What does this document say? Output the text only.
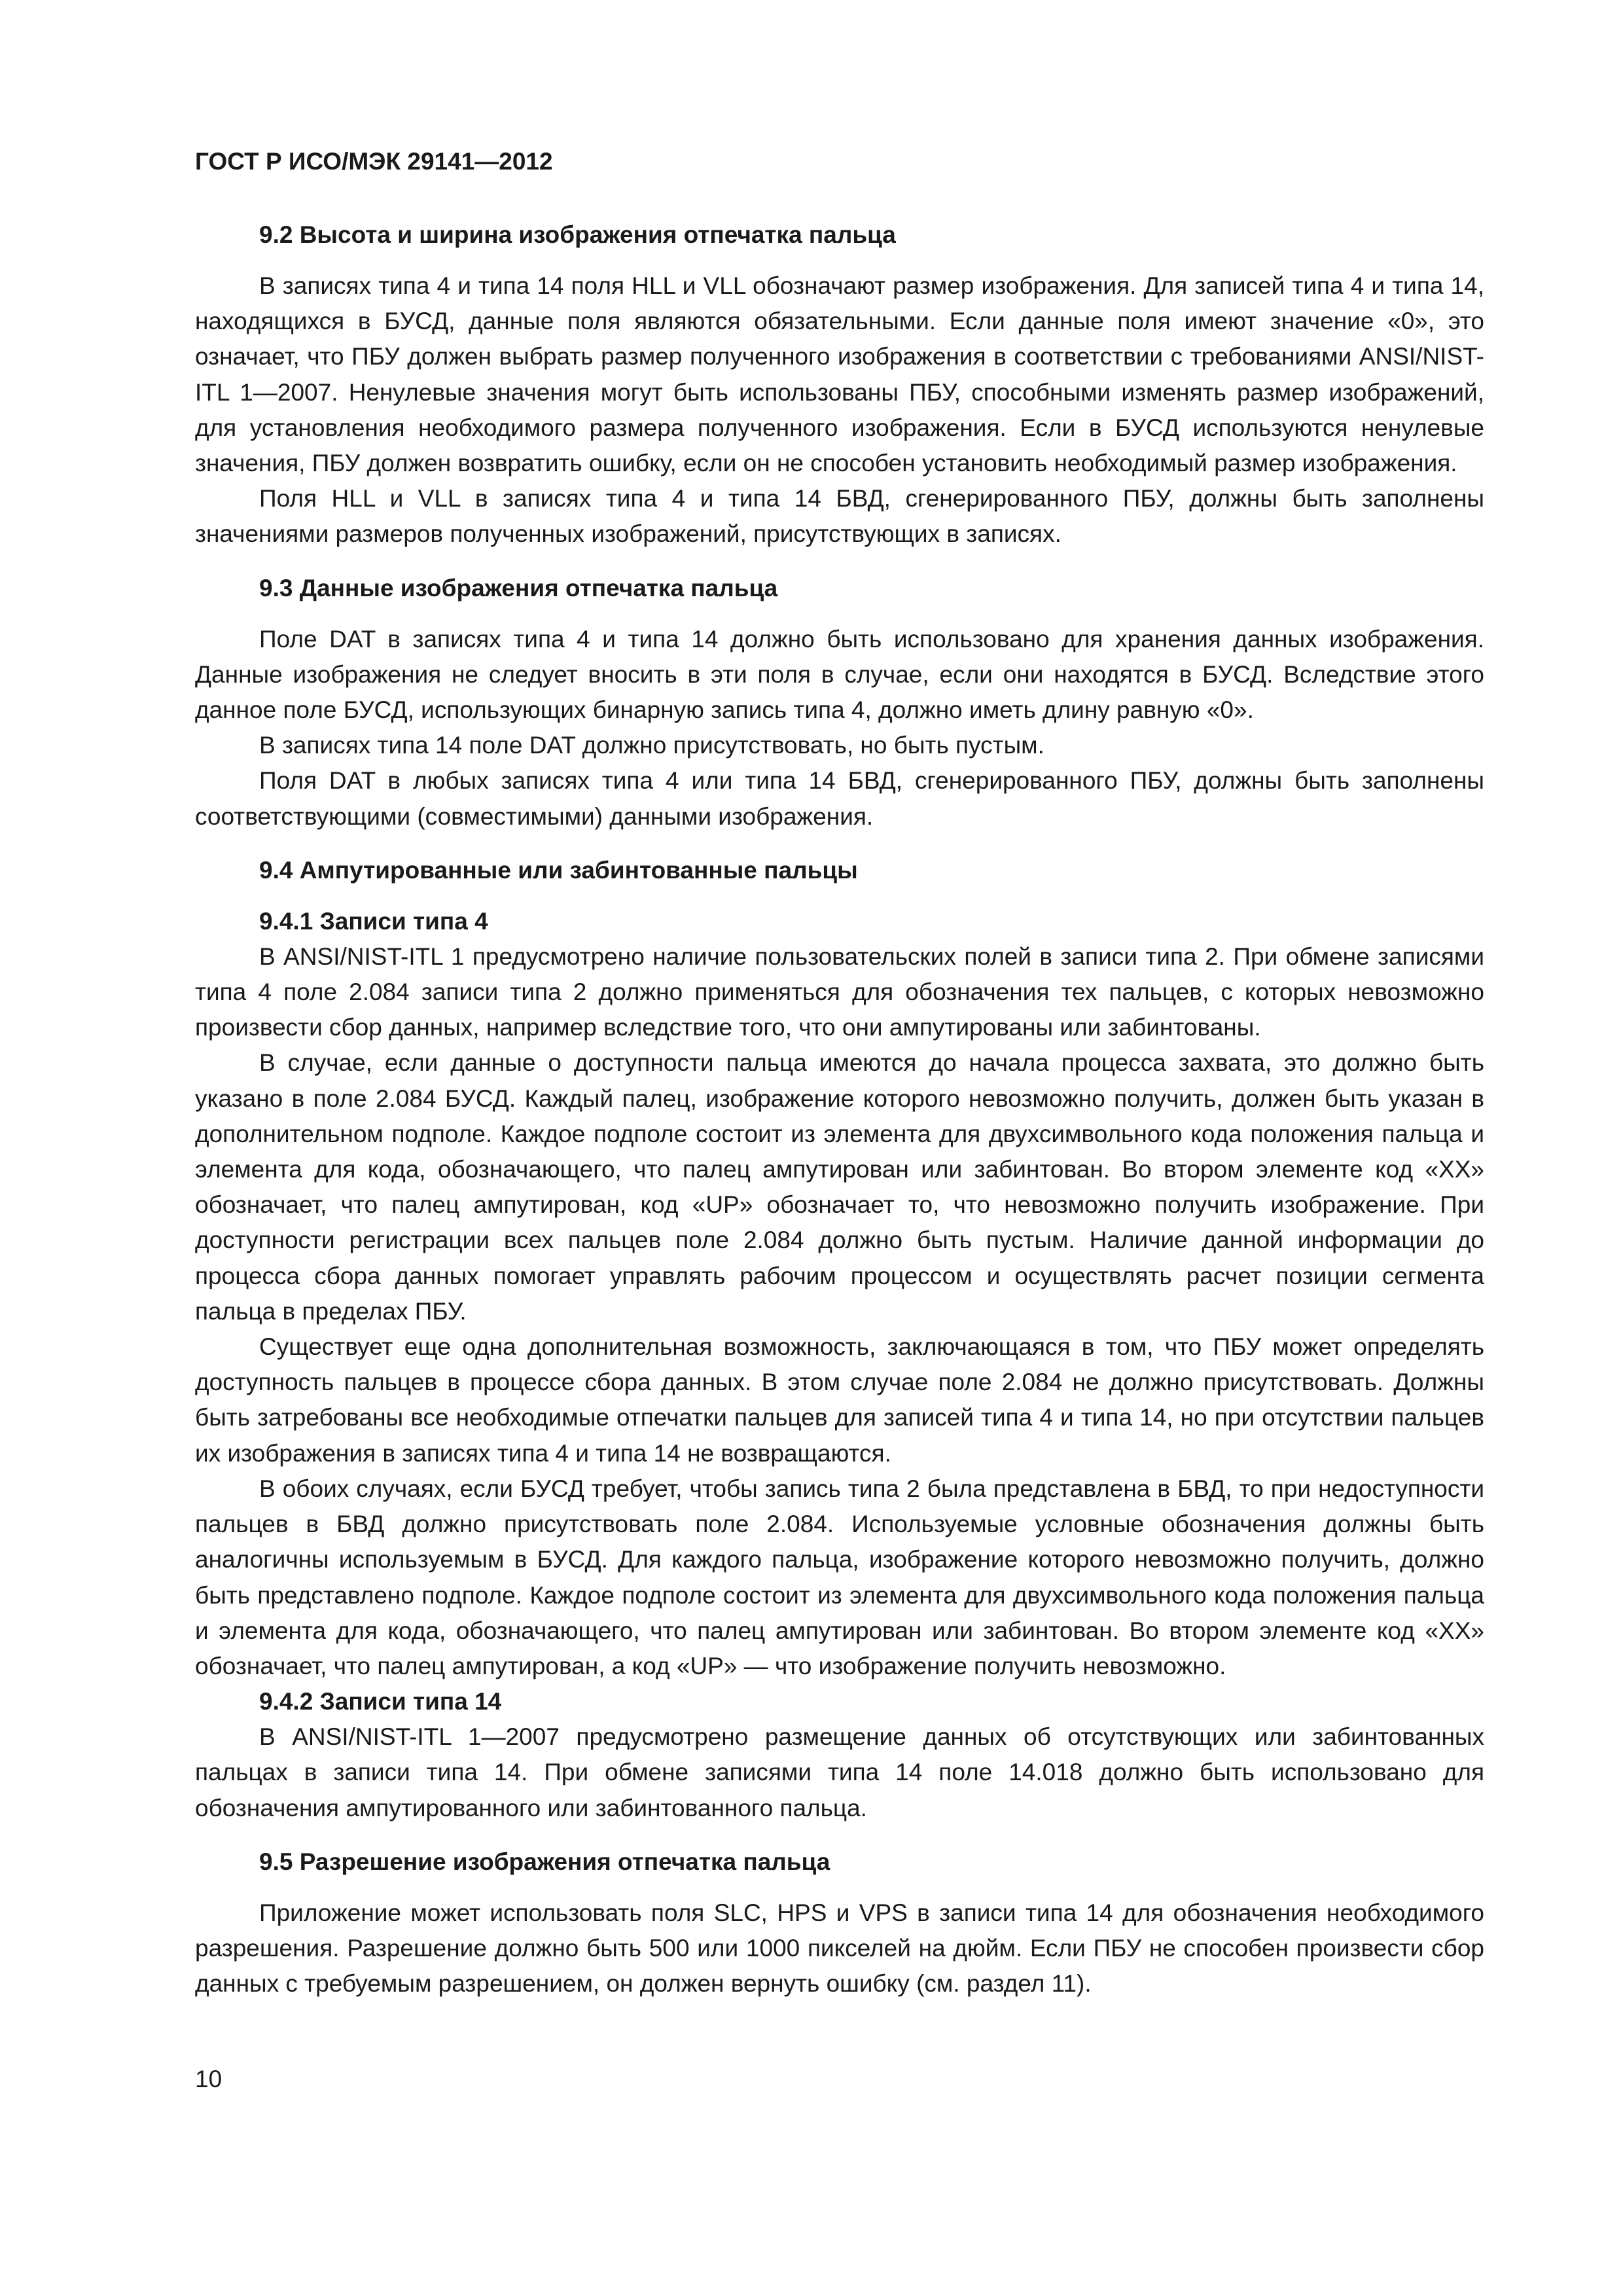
ГОСТ Р ИСО/МЭК 29141—2012
9.2 Высота и ширина изображения отпечатка пальца

В записях типа 4 и типа 14 поля HLL и VLL обозначают размер изображения. Для записей типа 4 и типа 14, находящихся в БУСД, данные поля являются обязательными. Если данные поля имеют значение «0», это означает, что ПБУ должен выбрать размер полученного изображения в соответствии с требованиями ANSI/NIST-ITL 1—2007. Ненулевые значения могут быть использованы ПБУ, способными изменять размер изображений, для установления необходимого размера полученного изображения. Если в БУСД используются ненулевые значения, ПБУ должен возвратить ошибку, если он не способен установить необходимый размер изображения.

Поля HLL и VLL в записях типа 4 и типа 14 БВД, сгенерированного ПБУ, должны быть заполнены значениями размеров полученных изображений, присутствующих в записях.

9.3 Данные изображения отпечатка пальца

Поле DAT в записях типа 4 и типа 14 должно быть использовано для хранения данных изображения. Данные изображения не следует вносить в эти поля в случае, если они находятся в БУСД. Вследствие этого данное поле БУСД, использующих бинарную запись типа 4, должно иметь длину равную «0».

В записях типа 14 поле DAT должно присутствовать, но быть пустым.

Поля DAT в любых записях типа 4 или типа 14 БВД, сгенерированного ПБУ, должны быть заполнены соответствующими (совместимыми) данными изображения.

9.4 Ампутированные или забинтованные пальцы
9.4.1 Записи типа 4

В ANSI/NIST-ITL 1 предусмотрено наличие пользовательских полей в записи типа 2. При обмене записями типа 4 поле 2.084 записи типа 2 должно применяться для обозначения тех пальцев, с которых невозможно произвести сбор данных, например вследствие того, что они ампутированы или забинтованы.

В случае, если данные о доступности пальца имеются до начала процесса захвата, это должно быть указано в поле 2.084 БУСД. Каждый палец, изображение которого невозможно получить, должен быть указан в дополнительном подполе. Каждое подполе состоит из элемента для двухсимвольного кода положения пальца и элемента для кода, обозначающего, что палец ампутирован или забинтован. Во втором элементе код «XX» обозначает, что палец ампутирован, код «UP» обозначает то, что невозможно получить изображение. При доступности регистрации всех пальцев поле 2.084 должно быть пустым. Наличие данной информации до процесса сбора данных помогает управлять рабочим процессом и осуществлять расчет позиции сегмента пальца в пределах ПБУ.

Существует еще одна дополнительная возможность, заключающаяся в том, что ПБУ может определять доступность пальцев в процессе сбора данных. В этом случае поле 2.084 не должно присутствовать. Должны быть затребованы все необходимые отпечатки пальцев для записей типа 4 и типа 14, но при отсутствии пальцев их изображения в записях типа 4 и типа 14 не возвращаются.

В обоих случаях, если БУСД требует, чтобы запись типа 2 была представлена в БВД, то при недоступности пальцев в БВД должно присутствовать поле 2.084. Используемые условные обозначения должны быть аналогичны используемым в БУСД. Для каждого пальца, изображение которого невозможно получить, должно быть представлено подполе. Каждое подполе состоит из элемента для двухсимвольного кода положения пальца и элемента для кода, обозначающего, что палец ампутирован или забинтован. Во втором элементе код «XX» обозначает, что палец ампутирован, а код «UP» — что изображение получить невозможно.

9.4.2 Записи типа 14

В ANSI/NIST-ITL 1—2007 предусмотрено размещение данных об отсутствующих или забинтованных пальцах в записи типа 14. При обмене записями типа 14 поле 14.018 должно быть использовано для обозначения ампутированного или забинтованного пальца.

9.5 Разрешение изображения отпечатка пальца

Приложение может использовать поля SLC, HPS и VPS в записи типа 14 для обозначения необходимого разрешения. Разрешение должно быть 500 или 1000 пикселей на дюйм. Если ПБУ не способен произвести сбор данных с требуемым разрешением, он должен вернуть ошибку (см. раздел 11).

10
